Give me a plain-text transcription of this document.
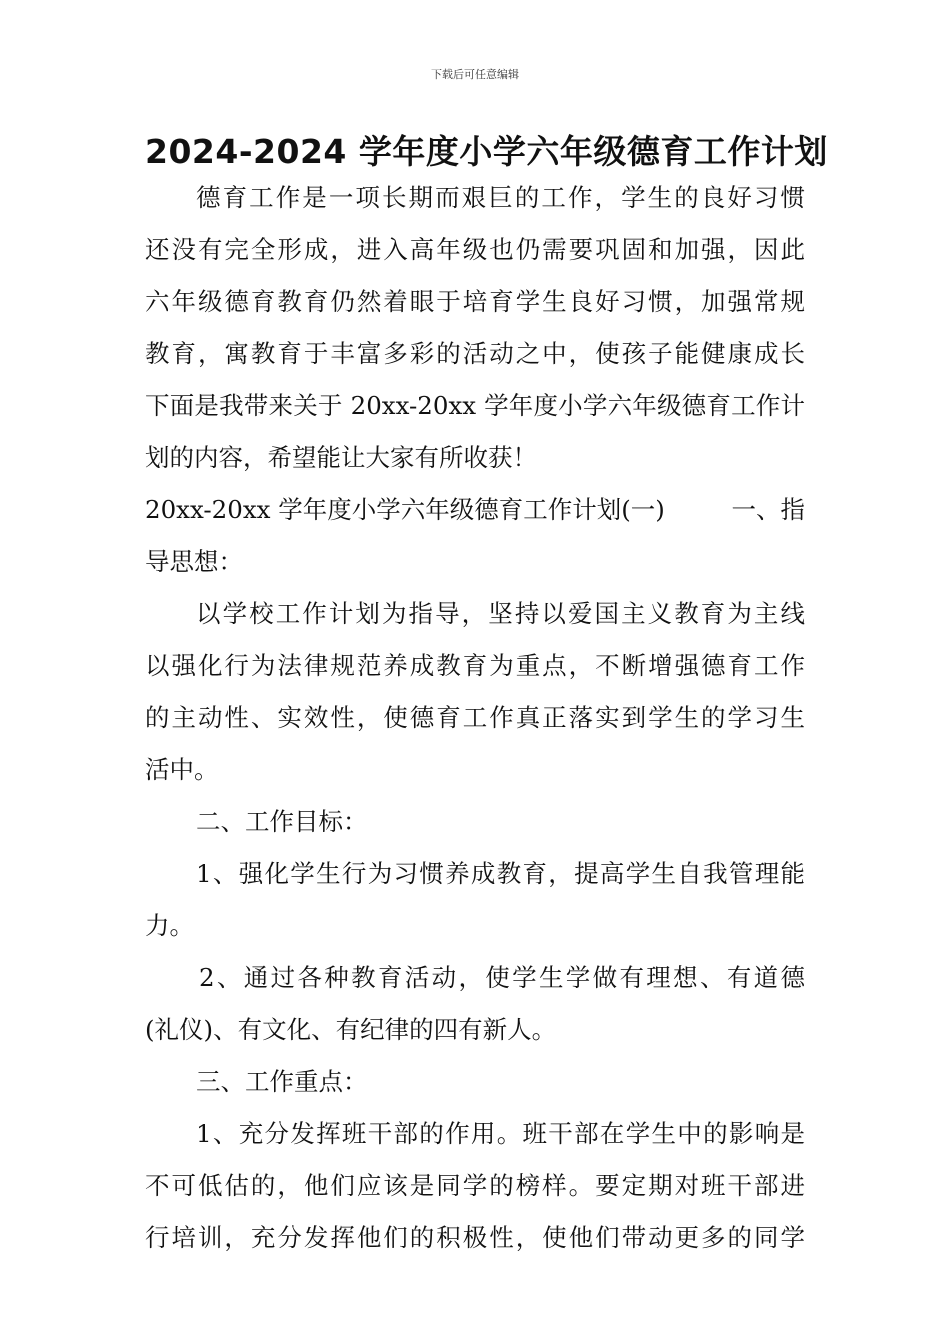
下载后可任意编辑
2024-2024 学年度小学六年级德育工作计划
德育工作是一项长期而艰巨的工作，学生的良好习惯
还没有完全形成，进入高年级也仍需要巩固和加强，因此
六年级德育教育仍然着眼于培育学生良好习惯，加强常规
教育，寓教育于丰富多彩的活动之中，使孩子能健康成长
下面是我带来关于 20xx-20xx 学年度小学六年级德育工作计
划的内容，希望能让大家有所收获！
20xx-20xx 学年度小学六年级德育工作计划(一)	一、指
导思想：
以学校工作计划为指导，坚持以爱国主义教育为主线
以强化行为法律规范养成教育为重点，不断增强德育工作
的主动性、实效性，使德育工作真正落实到学生的学习生
活中。
二、工作目标：
1、强化学生行为习惯养成教育，提高学生自我管理能
力。
2、通过各种教育活动，使学生学做有理想、有道德
(礼仪)、有文化、有纪律的四有新人。
三、工作重点：
1、充分发挥班干部的作用。班干部在学生中的影响是
不可低估的，他们应该是同学的榜样。要定期对班干部进
行培训，充分发挥他们的积极性，使他们带动更多的同学
